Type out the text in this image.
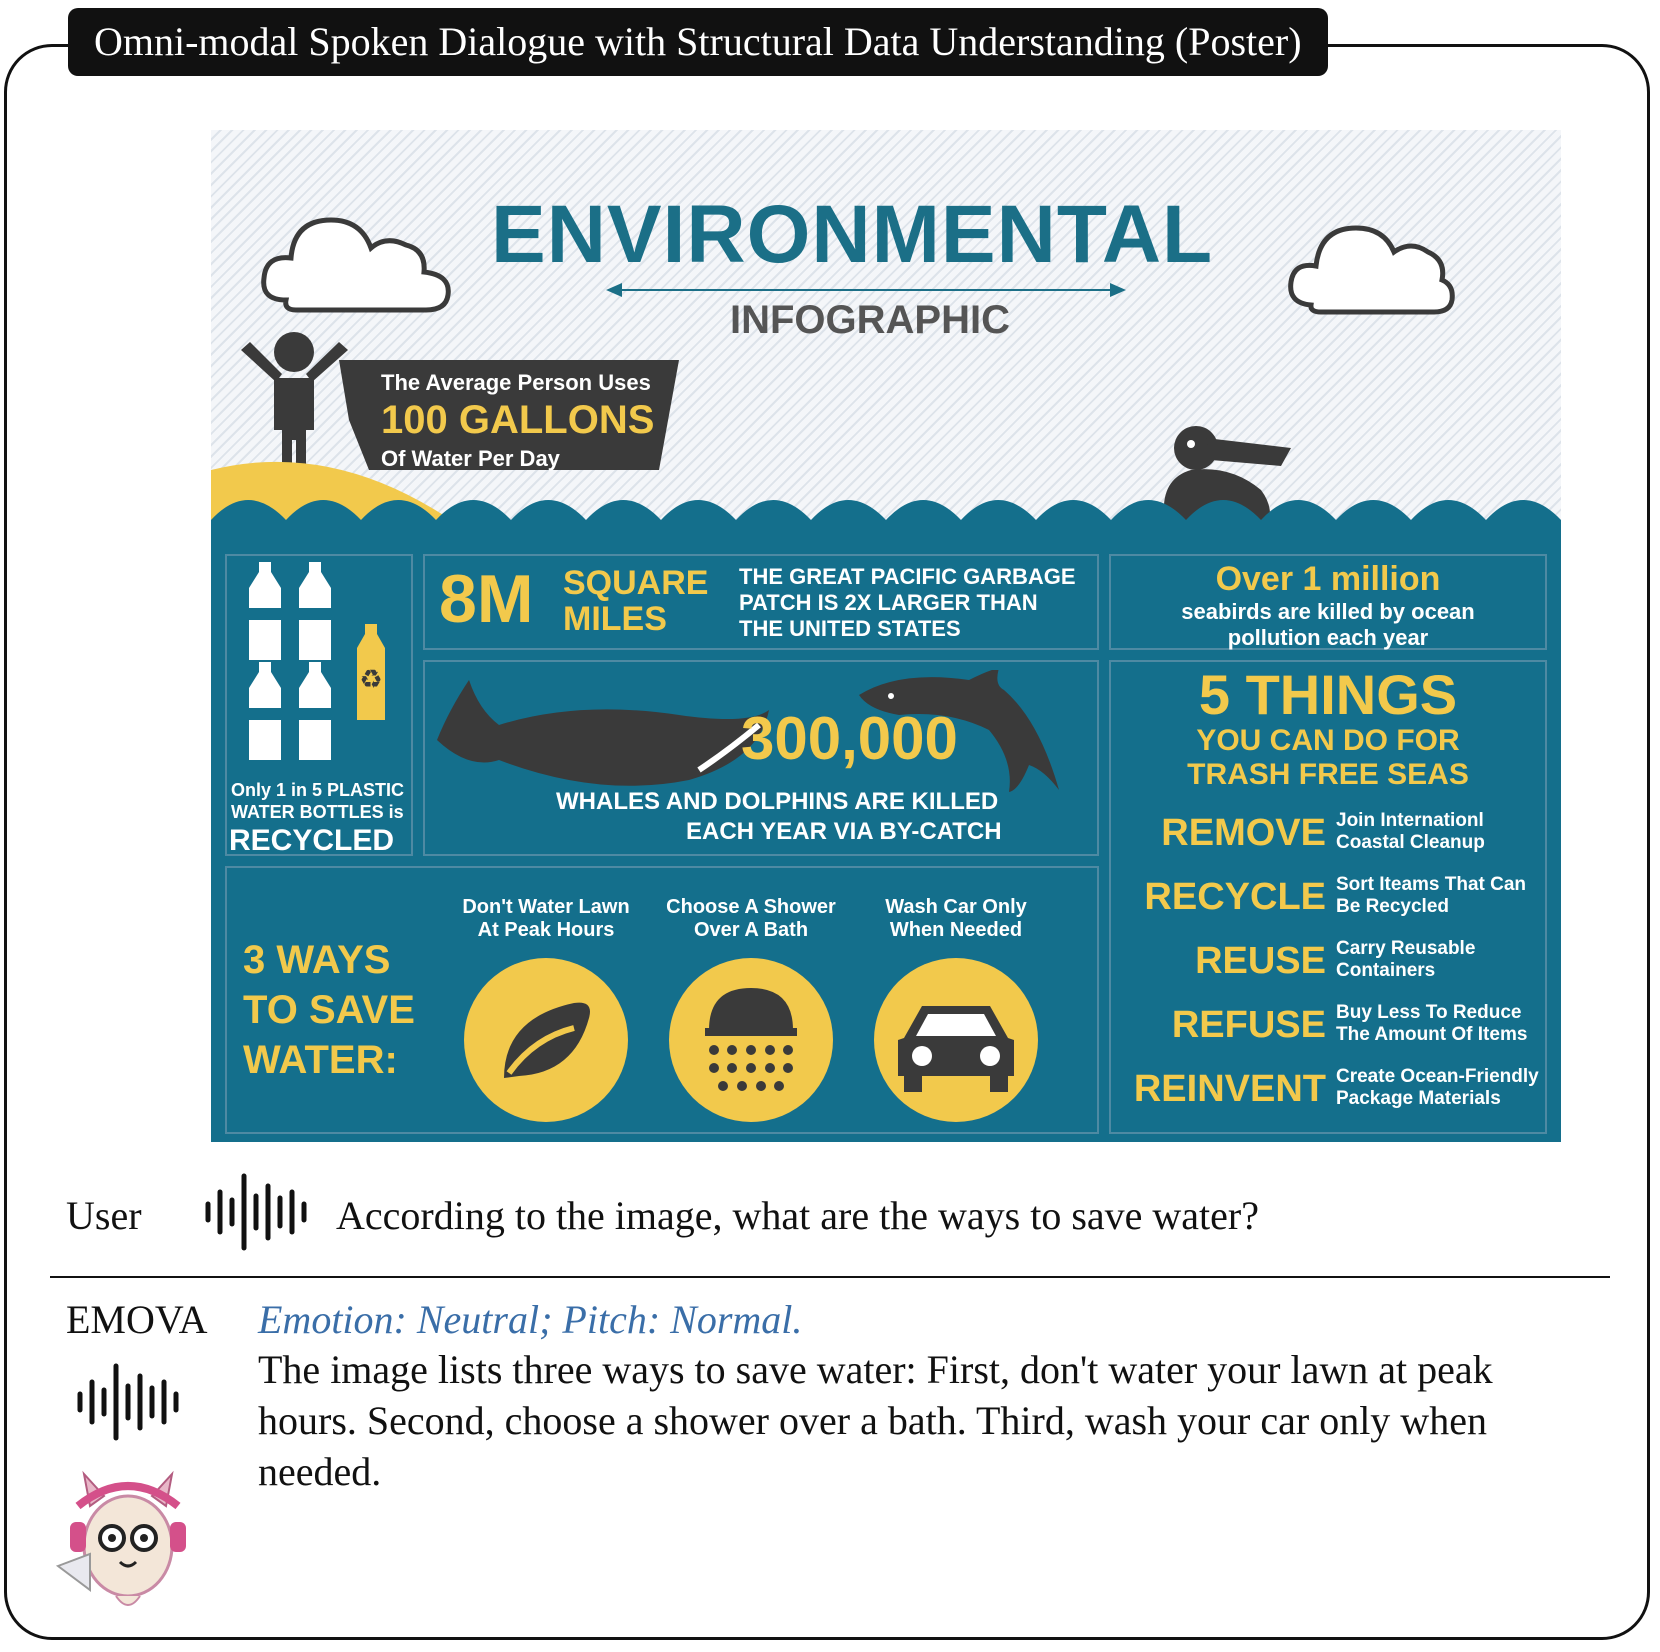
Omni-modal Spoken Dialogue with Structural Data Understanding (Poster)

ENVIRONMENTAL

INFOGRAPHIC

The Average Person Uses

100 GALLONS

Of Water Per Day

♻

Only 1 in 5 PLASTIC

WATER BOTTLES is

RECYCLED

8M SQUARE

MILES

THE GREAT PACIFIC GARBAGE

PATCH IS 2X LARGER THAN

THE UNITED STATES

Over 1 million

seabirds are killed by ocean

pollution each year

300,000

WHALES AND DOLPHINS ARE KILLED

EACH YEAR VIA BY-CATCH

5 THINGS

YOU CAN DO FOR

TRASH FREE SEAS

REMOVE Join Internationl Coastal Cleanup
RECYCLE Sort Iteams That Can Be Recycled
REUSE Carry Reusable Containers
REFUSE Buy Less To Reduce The Amount Of Items
REINVENT Create Ocean-Friendly Package Materials

3 WAYS

TO SAVE

WATER:

Don't Water Lawn

At Peak Hours

Choose A Shower

Over A Bath

Wash Car Only

When Needed

User	According to the image, what are the ways to save water?
EMOVA Emotion: Neutral; Pitch: Normal.
The image lists three ways to save water: First, don't water your lawn at peak hours. Second, choose a shower over a bath. Third, wash your car only when needed.
